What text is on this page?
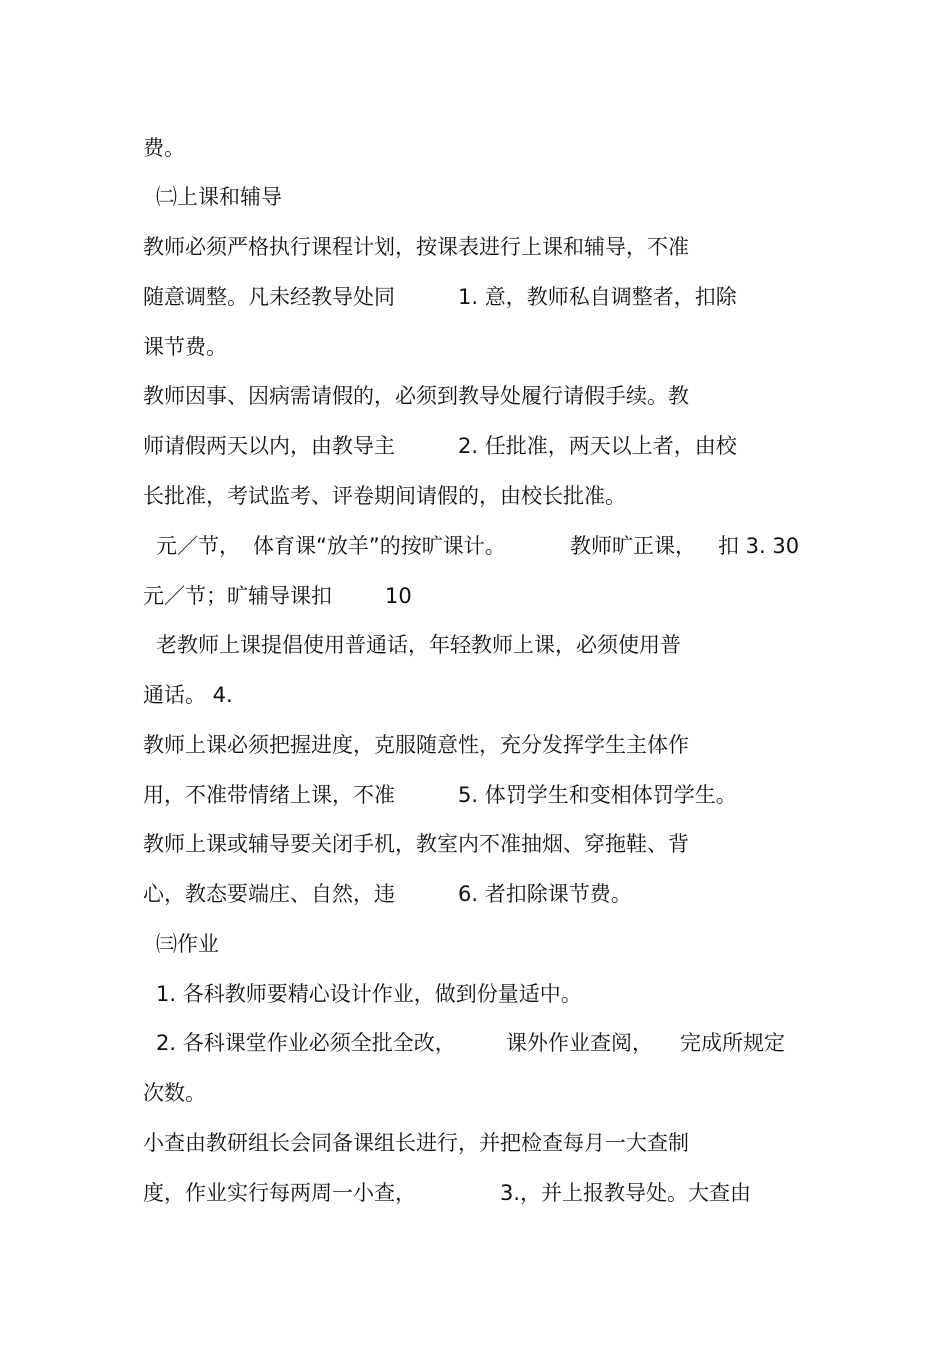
费。
㈡上课和辅导
教师必须严格执行课程计划，按课表进行上课和辅导，不准
随意调整。凡未经教导处同	1. 意，教师私自调整者，扣除
课节费。
教师因事、因病需请假的，必须到教导处履行请假手续。教
师请假两天以内，由教导主	2. 任批准，两天以上者，由校
长批准，考试监考、评卷期间请假的，由校长批准。
元／节， 体育课“放羊”的按旷课计。	教师旷正课， 扣 3. 30
元／节；旷辅导课扣	10
老教师上课提倡使用普通话，年轻教师上课，必须使用普
通话。 4.
教师上课必须把握进度，克服随意性，充分发挥学生主体作
用，不准带情绪上课，不准	5. 体罚学生和变相体罚学生。
教师上课或辅导要关闭手机，教室内不准抽烟、穿拖鞋、背
心，教态要端庄、自然，违	6. 者扣除课节费。
㈢作业
1. 各科教师要精心设计作业，做到份量适中。
2. 各科课堂作业必须全批全改， 课外作业查阅， 完成所规定
次数。
小查由教研组长会同备课组长进行，并把检查每月一大查制
度，作业实行每两周一小查，	3.，并上报教导处。大查由
